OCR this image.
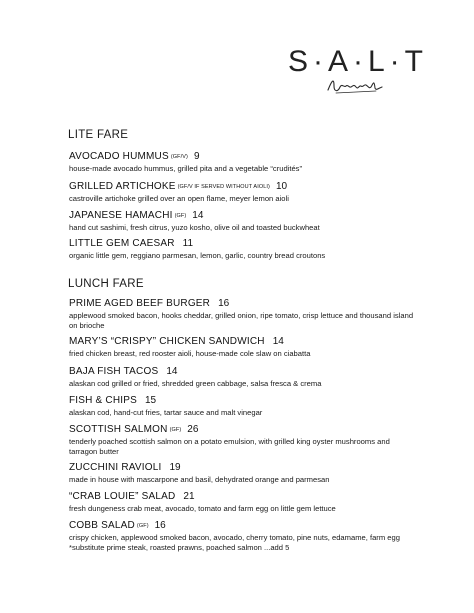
S·A·L·T
LITE FARE
AVOCADO HUMMUS (GF/V) 9
house-made avocado hummus, grilled pita and a vegetable “crudités”
GRILLED ARTICHOKE (GF/V IF SERVED WITHOUT AIOLI) 10
castroville artichoke grilled over an open flame, meyer lemon aioli
JAPANESE HAMACHI (GF) 14
hand cut sashimi, fresh citrus, yuzo kosho, olive oil and toasted buckwheat
LITTLE GEM CAESAR 11
organic little gem, reggiano parmesan, lemon, garlic, country bread croutons
LUNCH FARE
PRIME AGED BEEF BURGER 16
applewood smoked bacon, hooks cheddar, grilled onion, ripe tomato, crisp lettuce and thousand island on brioche
MARY’S “CRISPY” CHICKEN SANDWICH 14
fried chicken breast, red rooster aioli, house-made cole slaw on ciabatta
BAJA FISH TACOS 14
alaskan cod grilled or fried, shredded green cabbage, salsa fresca & crema
FISH & CHIPS 15
alaskan cod, hand-cut fries, tartar sauce and malt vinegar
SCOTTISH SALMON (GF) 26
tenderly poached scottish salmon on a potato emulsion, with grilled king oyster mushrooms and tarragon butter
ZUCCHINI RAVIOLI 19
made in house with mascarpone and basil, dehydrated orange and parmesan
“CRAB LOUIE” SALAD 21
fresh dungeness crab meat, avocado, tomato and farm egg on little gem lettuce
COBB SALAD (GF) 16
crispy chicken, applewood smoked bacon, avocado, cherry tomato, pine nuts, edamame, farm egg
*substitute prime steak, roasted prawns, poached salmon ...add 5
